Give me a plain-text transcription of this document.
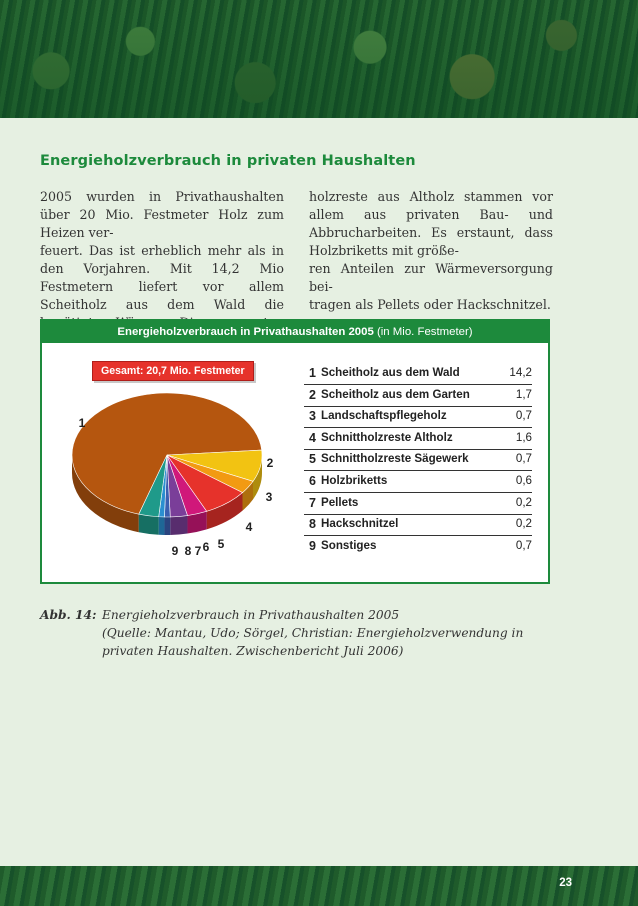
Energieholzverbrauch in privaten Haushalten
2005 wurden in Privathaushalten über 20 Mio. Festmeter Holz zum Heizen ver-
feuert. Das ist erheblich mehr als in den Vorjahren. Mit 14,2 Mio Festmetern liefert vor allem Scheitholz aus dem Wald die
holzreste aus Altholz stammen vor allem aus privaten Bau- und Abbrucharbeiten. Es erstaunt, dass Holzbriketts mit größe-
ren Anteilen zur Wärmeversorgung bei-
tragen als Pellets oder Hackschnitzel.
Energieholzverbrauch in Privathaushalten 2005 (in Mio. Festmeter)
Gesamt: 20,7 Mio. Festmeter
1
2
3
4
5
6
7
8
9
1 Scheitholz aus dem Wald	14,2
2 Scheitholz aus dem Garten	1,7
3 Landschaftspflegeholz	0,7
4 Schnittholzreste Altholz	1,6
5 Schnittholzreste Sägewerk	0,7
6 Holzbriketts	0,6
7 Pellets	0,2
8 Hackschnitzel	0,2
9 Sonstiges	0,7
Abb. 14: Energieholzverbrauch in Privathaushalten 2005
(Quelle: Mantau, Udo; Sörgel, Christian: Energieholzverwendung in privaten Haushalten. Zwischenbericht Juli 2006)
23
